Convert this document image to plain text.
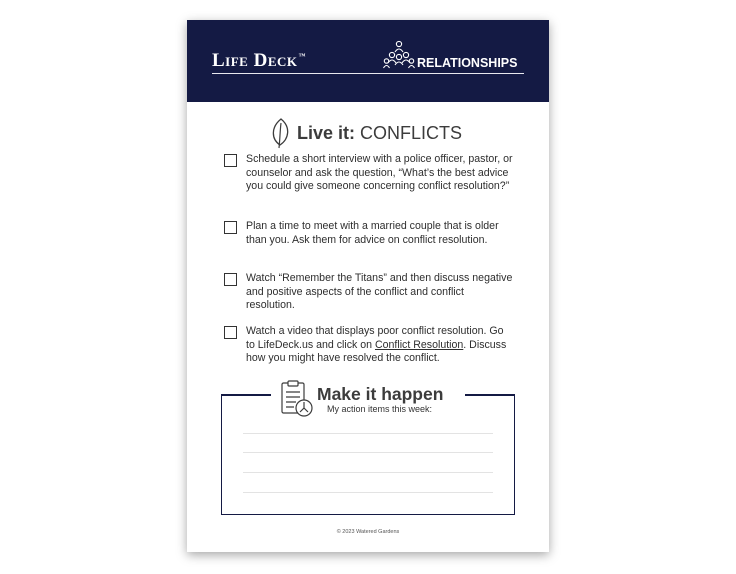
Life Deck™	RELATIONSHIPS
Live it: CONFLICTS
Schedule a short interview with a police officer, pastor, or counselor and ask the question, “What’s the best advice you could give someone concerning conflict resolution?”
Plan a time to meet with a married couple that is older than you. Ask them for advice on conflict resolution.
Watch “Remember the Titans” and then discuss negative and positive aspects of the conflict and conflict resolution.
Watch a video that displays poor conflict resolution. Go to LifeDeck.us and click on Conflict Resolution. Discuss how you might have resolved the conflict.
Make it happen
My action items this week:
© 2023 Watered Gardens
